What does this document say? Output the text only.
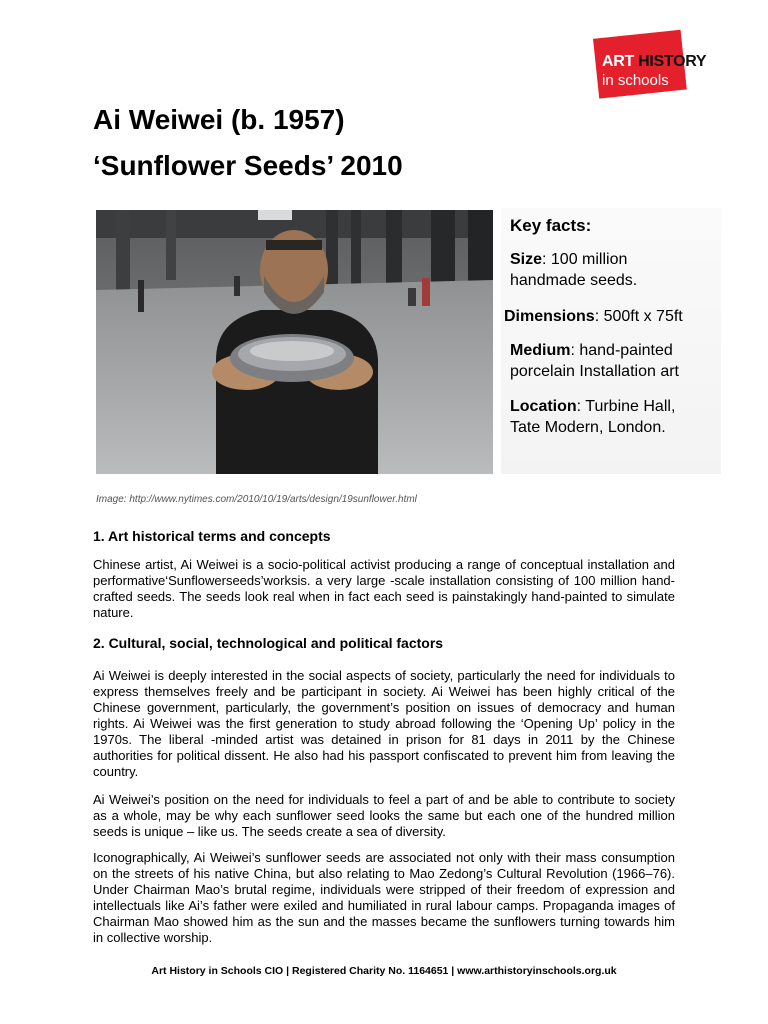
ART HISTORY
in schools
Ai Weiwei (b. 1957)
‘Sunflower Seeds’ 2010
Key facts:
Size: 100 million
handmade seeds.
Dimensions: 500ft x 75ft
Medium: hand-painted
porcelain Installation art
Location: Turbine Hall,
Tate Modern, London.
Image: http://www.nytimes.com/2010/10/19/arts/design/19sunflower.html
1. Art historical terms and concepts

Chinese artist, Ai Weiwei is a socio-political activist producing a range of conceptual installation and performative‘Sunflowerseeds’worksis. a very large -scale installation consisting of 100 million hand-crafted seeds. The seeds look real when in fact each seed is painstakingly hand-painted to simulate nature.

2. Cultural, social, technological and political factors

Ai Weiwei is deeply interested in the social aspects of society, particularly the need for individuals to express themselves freely and be participant in society. Ai Weiwei has been highly critical of the Chinese government, particularly, the government’s position on issues of democracy and human rights. Ai Weiwei was the first generation to study abroad following the ‘Opening Up’ policy in the 1970s. The liberal -minded artist was detained in prison for 81 days in 2011 by the Chinese authorities for political dissent. He also had his passport confiscated to prevent him from leaving the country.

Ai Weiwei’s position on the need for individuals to feel a part of and be able to contribute to society as a whole, may be why each sunflower seed looks the same but each one of the hundred million seeds is unique – like us. The seeds create a sea of diversity.

Iconographically, Ai Weiwei’s sunflower seeds are associated not only with their mass consumption on the streets of his native China, but also relating to Mao Zedong’s Cultural Revolution (1966–76). Under Chairman Mao’s brutal regime, individuals were stripped of their freedom of expression and intellectuals like Ai’s father were exiled and humiliated in rural labour camps. Propaganda images of Chairman Mao showed him as the sun and the masses became the sunflowers turning towards him in collective worship.

Art History in Schools CIO | Registered Charity No. 1164651 | www.arthistoryinschools.org.uk
